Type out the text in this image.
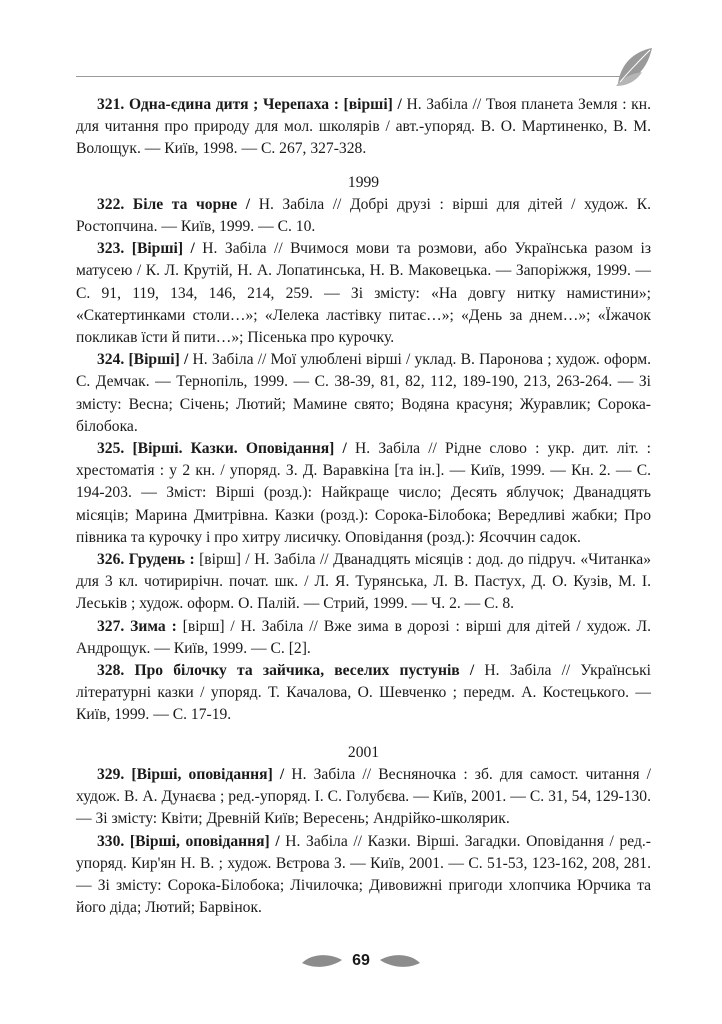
321. Одна-єдина дитя ; Черепаха : [вірші] / Н. Забіла // Твоя планета Земля : кн. для читання про природу для мол. школярів / авт.-упоряд. В. О. Мартиненко, В. М. Волощук. — Київ, 1998. — С. 267, 327-328.

1999

322. Біле та чорне / Н. Забіла // Добрі друзі : вірші для дітей / худож. К. Ростопчина. — Київ, 1999. — С. 10.

323. [Вірші] / Н. Забіла // Вчимося мови та розмови, або Українська разом із матусею / К. Л. Крутій, Н. А. Лопатинська, Н. В. Маковецька. — Запоріжжя, 1999. — С. 91, 119, 134, 146, 214, 259. — Зі змісту: «На довгу нитку намистини»; «Скатертинками столи…»; «Лелека ластівку питає…»; «День за днем…»; «Їжачок покликав їсти й пити…»; Пісенька про курочку.

324. [Вірші] / Н. Забіла // Мої улюблені вірші / уклад. В. Паронова ; худож. оформ. С. Демчак. — Тернопіль, 1999. — С. 38-39, 81, 82, 112, 189-190, 213, 263-264. — Зі змісту: Весна; Січень; Лютий; Мамине свято; Водяна красуня; Журавлик; Сорока-білобока.

325. [Вірші. Казки. Оповідання] / Н. Забіла // Рідне слово : укр. дит. літ. : хрестоматія : у 2 кн. / упоряд. З. Д. Варавкіна [та ін.]. — Київ, 1999. — Кн. 2. — С. 194-203. — Зміст: Вірші (розд.): Найкраще число; Десять яблучок; Дванадцять місяців; Марина Дмитрівна. Казки (розд.): Сорока-Білобока; Вередливі жабки; Про півника та курочку і про хитру лисичку. Оповідання (розд.): Ясоччин садок.

326. Грудень : [вірш] / Н. Забіла // Дванадцять місяців : дод. до підруч. «Читанка» для 3 кл. чотирирічн. почат. шк. / Л. Я. Турянська, Л. В. Пастух, Д. О. Кузів, М. І. Леськів ; худож. оформ. О. Палій. — Стрий, 1999. — Ч. 2. — С. 8.

327. Зима : [вірш] / Н. Забіла // Вже зима в дорозі : вірші для дітей / худож. Л. Андрощук. — Київ, 1999. — С. [2].

328. Про білочку та зайчика, веселих пустунів / Н. Забіла // Українські літературні казки / упоряд. Т. Качалова, О. Шевченко ; передм. А. Костецького. — Київ, 1999. — С. 17-19.

2001

329. [Вірші, оповідання] / Н. Забіла // Весняночка : зб. для самост. читання / худож. В. А. Дунаєва ; ред.-упоряд. І. С. Голубєва. — Київ, 2001. — С. 31, 54, 129-130. — Зі змісту: Квіти; Древній Київ; Вересень; Андрійко-школярик.

330. [Вірші, оповідання] / Н. Забіла // Казки. Вірші. Загадки. Оповідання / ред.-упоряд. Кир'ян Н. В. ; худож. Вєтрова З. — Київ, 2001. — С. 51-53, 123-162, 208, 281. — Зі змісту: Сорока-Білобока; Лічилочка; Дивовижні пригоди хлопчика Юрчика та його діда; Лютий; Барвінок.

69
